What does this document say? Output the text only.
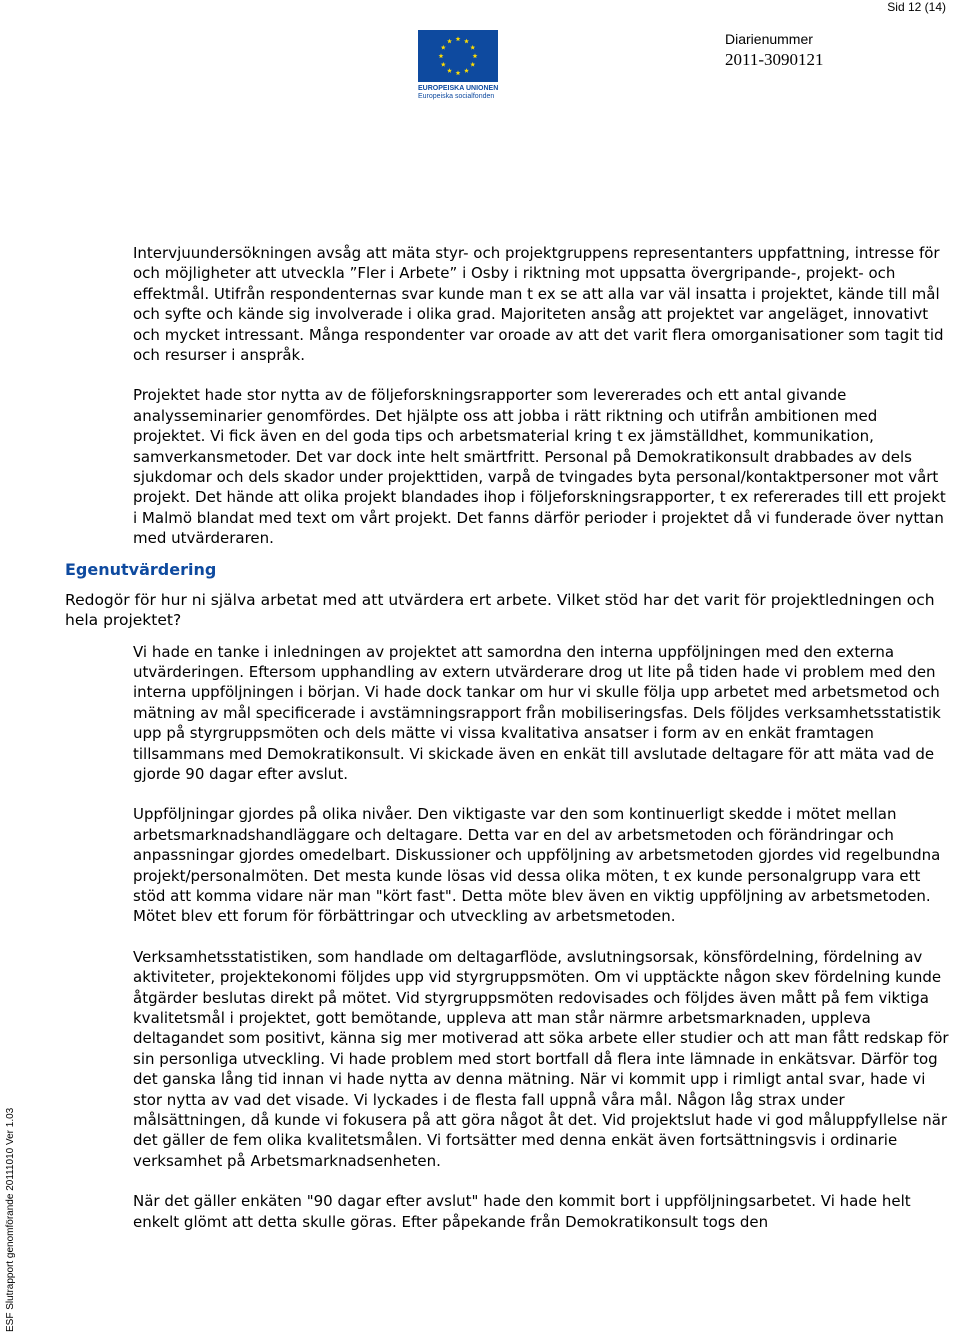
Sid 12 (14)
EUROPEISKA UNIONEN
Europeiska socialfonden
Diarienummer
2011-3090121
ESF Slutrapport genomförande 20111010 Ver 1.03

Intervjuundersökningen avsåg att mäta styr- och projektgruppens representanters uppfattning, intresse för och möjligheter att utveckla ”Fler i Arbete” i Osby i riktning mot uppsatta övergripande-, projekt- och effektmål. Utifrån respondenternas svar kunde man t ex se att alla var väl insatta i projektet, kände till mål och syfte och kände sig involverade i olika grad. Majoriteten ansåg att projektet var angeläget, innovativt och mycket intressant. Många respondenter var oroade av att det varit flera omorganisationer som tagit tid och resurser i anspråk.

Projektet hade stor nytta av de följeforskningsrapporter som levererades och ett antal givande analysseminarier genomfördes. Det hjälpte oss att jobba i rätt riktning och utifrån ambitionen med projektet. Vi fick även en del goda tips och arbetsmaterial kring t ex jämställdhet, kommunikation, samverkansmetoder. Det var dock inte helt smärtfritt. Personal på Demokratikonsult drabbades av dels sjukdomar och dels skador under projekttiden, varpå de tvingades byta personal/kontaktpersoner mot vårt projekt. Det hände att olika projekt blandades ihop i följeforskningsrapporter, t ex refererades till ett projekt i Malmö blandat med text om vårt projekt. Det fanns därför perioder i projektet då vi funderade över nyttan med utvärderaren.

Egenutvärdering

Redogör för hur ni själva arbetat med att utvärdera ert arbete. Vilket stöd har det varit för projektledningen och hela projektet?

Vi hade en tanke i inledningen av projektet att samordna den interna uppföljningen med den externa utvärderingen. Eftersom upphandling av extern utvärderare drog ut lite på tiden hade vi problem med den interna uppföljningen i början. Vi hade dock tankar om hur vi skulle följa upp arbetet med arbetsmetod och mätning av mål specificerade i avstämningsrapport från mobiliseringsfas. Dels följdes verksamhetsstatistik upp på styrgruppsmöten och dels mätte vi vissa kvalitativa ansatser i form av en enkät framtagen tillsammans med Demokratikonsult. Vi skickade även en enkät till avslutade deltagare för att mäta vad de gjorde 90 dagar efter avslut.

Uppföljningar gjordes på olika nivåer. Den viktigaste var den som kontinuerligt skedde i mötet mellan arbetsmarknadshandläggare och deltagare. Detta var en del av arbetsmetoden och förändringar och anpassningar gjordes omedelbart. Diskussioner och uppföljning av arbetsmetoden gjordes vid regelbundna projekt/personalmöten. Det mesta kunde lösas vid dessa olika möten, t ex kunde personalgrupp vara ett stöd att komma vidare när man "kört fast". Detta möte blev även en viktig uppföljning av arbetsmetoden. Mötet blev ett forum för förbättringar och utveckling av arbetsmetoden.

Verksamhetsstatistiken, som handlade om deltagarflöde, avslutningsorsak, könsfördelning, fördelning av aktiviteter, projektekonomi följdes upp vid styrgruppsmöten. Om vi upptäckte någon skev fördelning kunde åtgärder beslutas direkt på mötet. Vid styrgruppsmöten redovisades och följdes även mått på fem viktiga kvalitetsmål i projektet, gott bemötande, uppleva att man står närmre arbetsmarknaden, uppleva deltagandet som positivt, känna sig mer motiverad att söka arbete eller studier och att man fått redskap för sin personliga utveckling. Vi hade problem med stort bortfall då flera inte lämnade in enkätsvar. Därför tog det ganska lång tid innan vi hade nytta av denna mätning. När vi kommit upp i rimligt antal svar, hade vi stor nytta av vad det visade. Vi lyckades i de flesta fall uppnå våra mål. Någon låg strax under målsättningen, då kunde vi fokusera på att göra något åt det. Vid projektslut hade vi god måluppfyllelse när det gäller de fem olika kvalitetsmålen. Vi fortsätter med denna enkät även fortsättningsvis i ordinarie verksamhet på Arbetsmarknadsenheten.

När det gäller enkäten "90 dagar efter avslut" hade den kommit bort i uppföljningsarbetet. Vi hade helt enkelt glömt att detta skulle göras. Efter påpekande från Demokratikonsult togs den
